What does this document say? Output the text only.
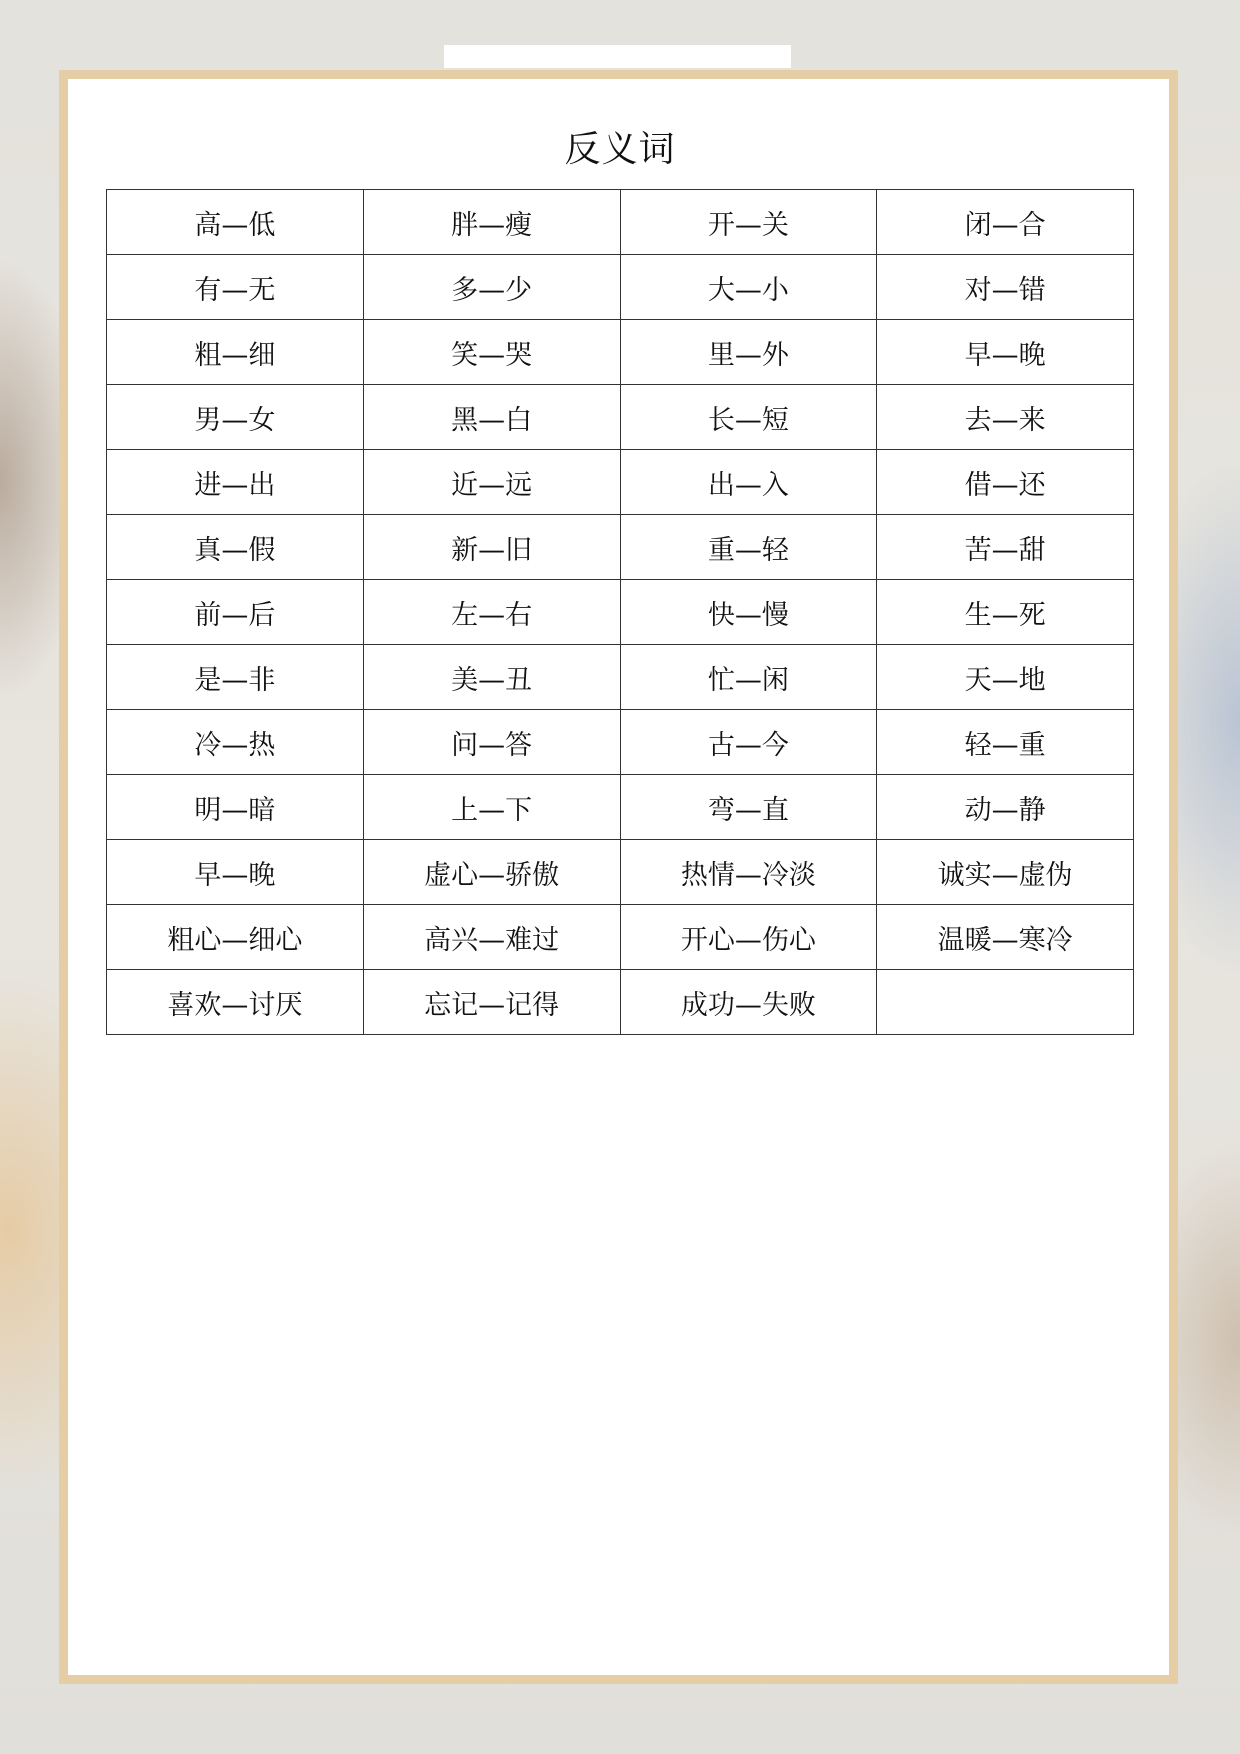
反义词
高—低	胖—瘦	开—关	闭—合
有—无	多—少	大—小	对—错
粗—细	笑—哭	里—外	早—晚
男—女	黑—白	长—短	去—来
进—出	近—远	出—入	借—还
真—假	新—旧	重—轻	苦—甜
前—后	左—右	快—慢	生—死
是—非	美—丑	忙—闲	天—地
冷—热	问—答	古—今	轻—重
明—暗	上—下	弯—直	动—静
早—晚	虚心—骄傲	热情—冷淡	诚实—虚伪
粗心—细心	高兴—难过	开心—伤心	温暖—寒冷
喜欢—讨厌	忘记—记得	成功—失败	
